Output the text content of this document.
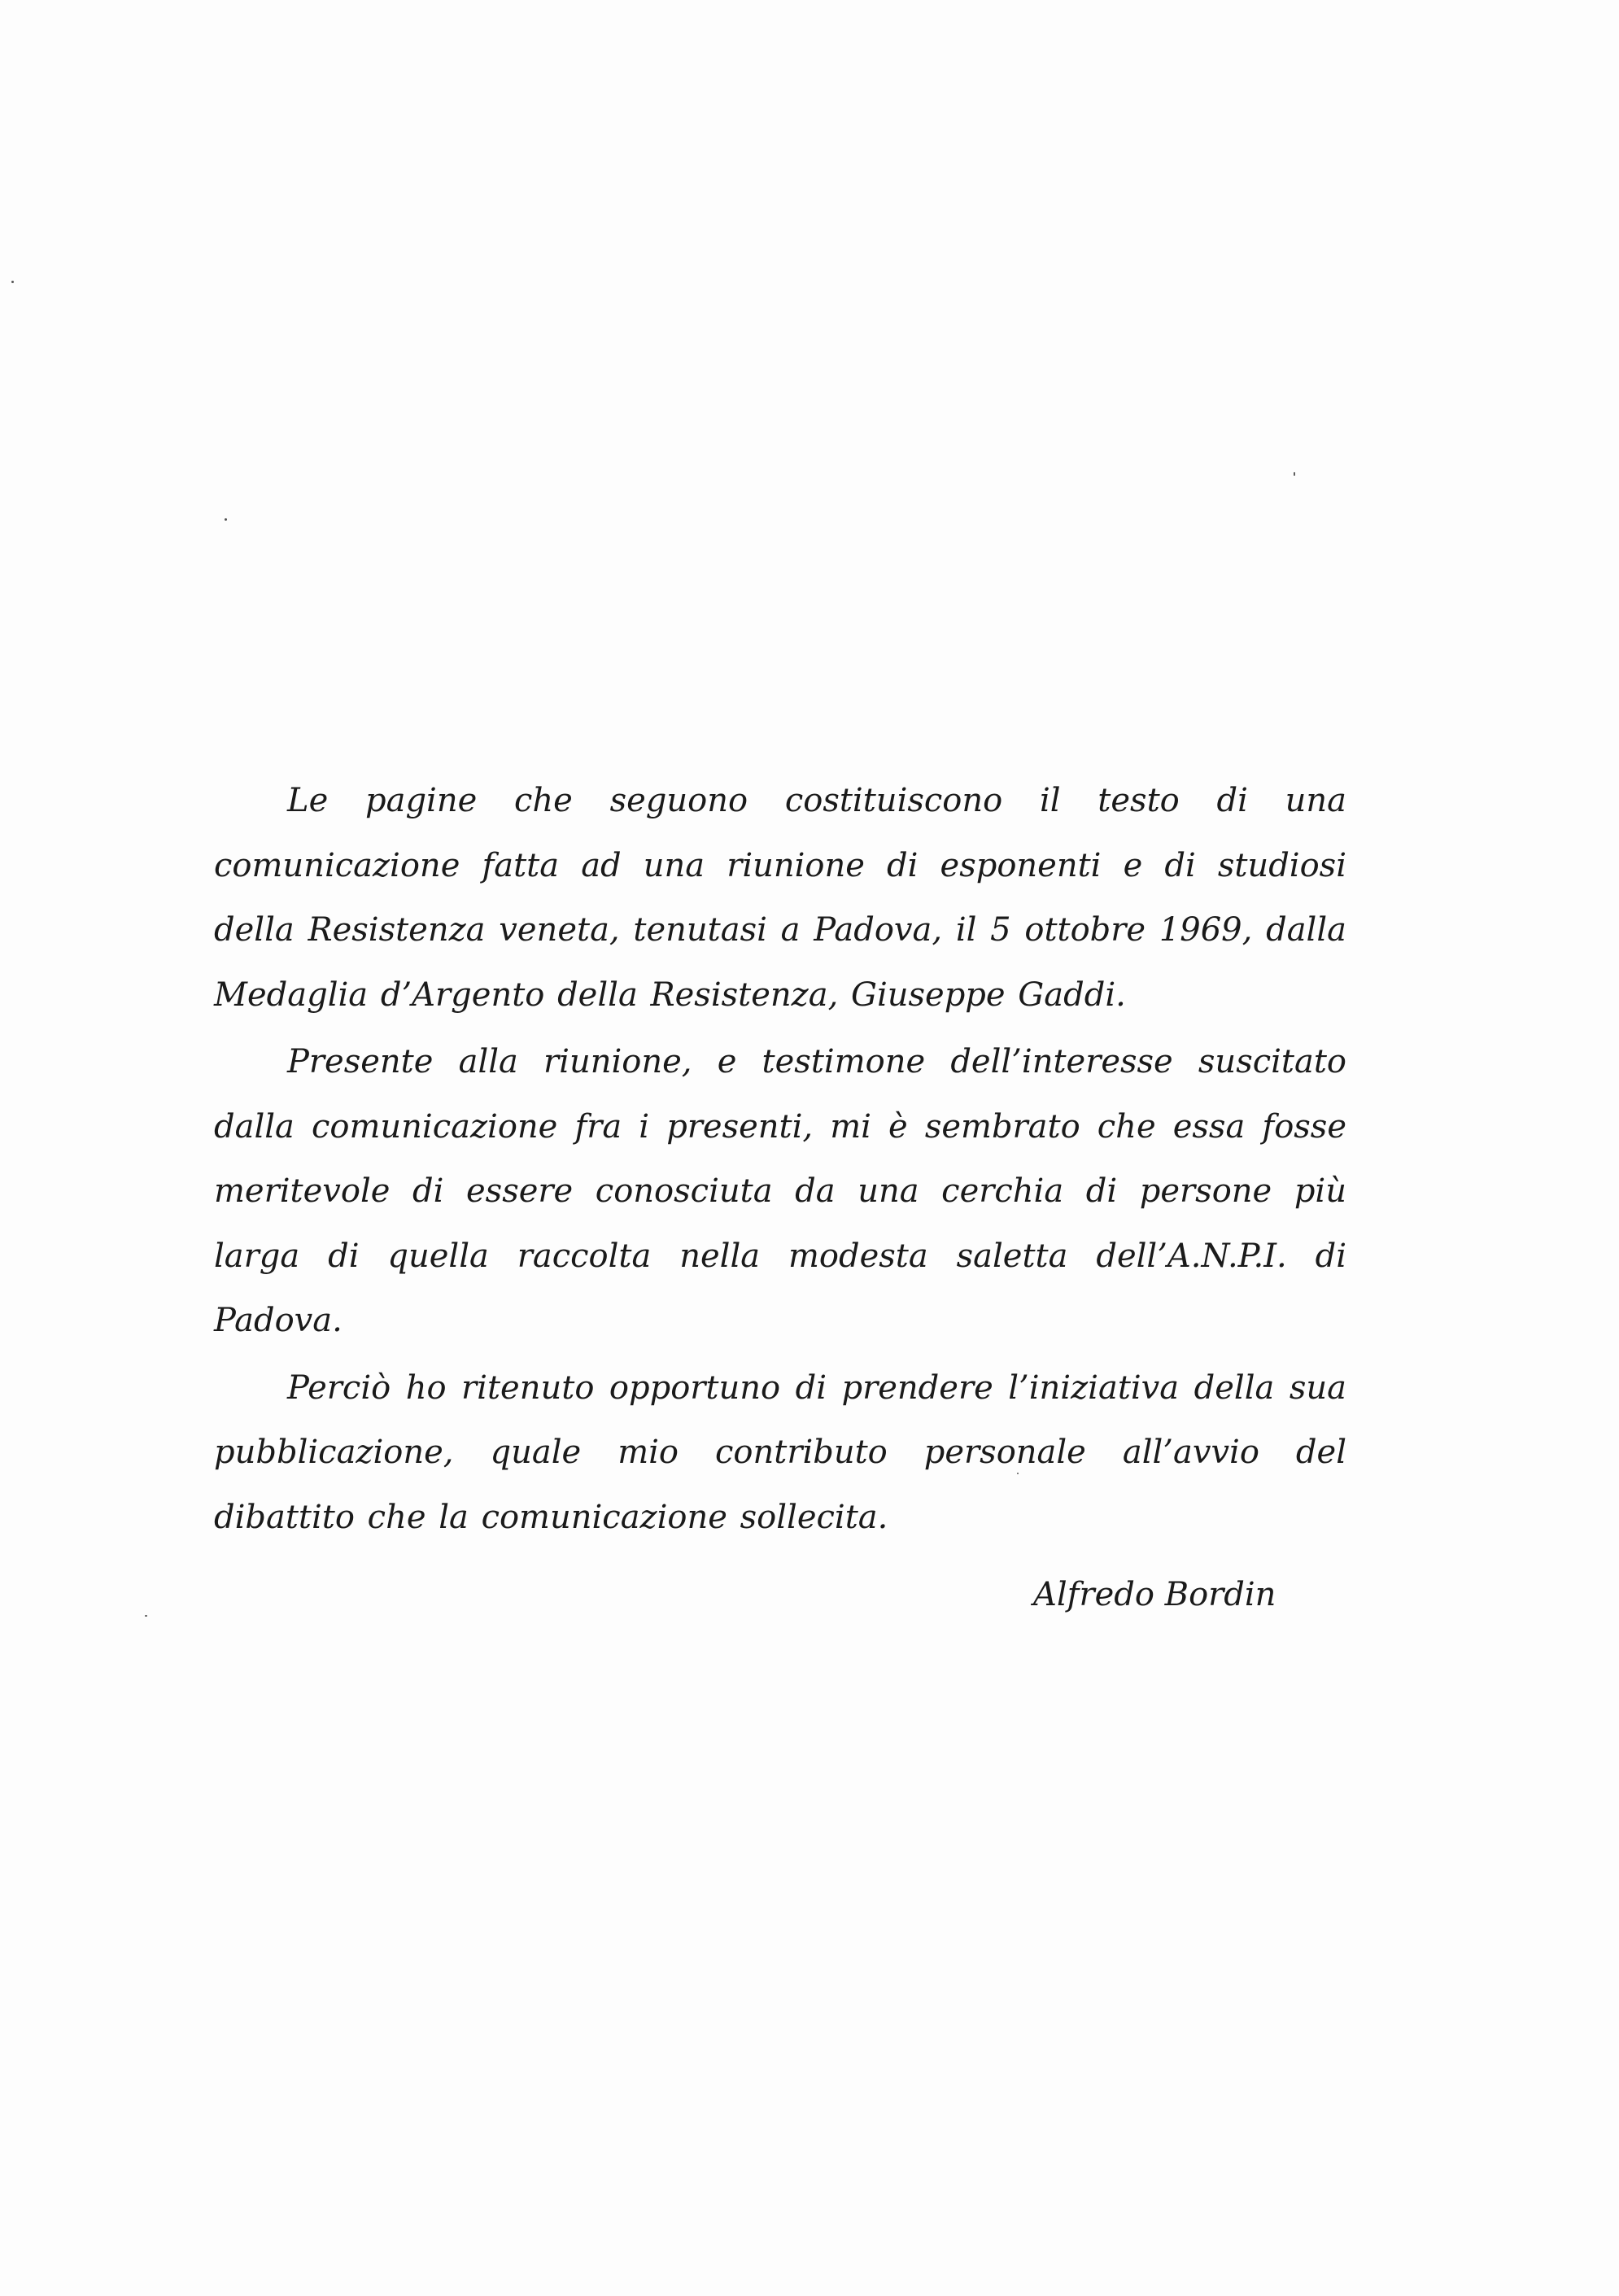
Le pagine che seguono costituiscono il testo di una comunicazione fatta ad una riunione di esponenti e di studiosi della Resistenza veneta, tenutasi a Padova, il 5 ottobre 1969, dalla Medaglia d’Argento della Resistenza, Giuseppe Gaddi.

Presente alla riunione, e testimone dell’interesse suscitato dalla comunicazione fra i presenti, mi è sembrato che essa fosse meritevole di essere conosciuta da una cerchia di persone più larga di quella raccolta nella modesta saletta dell’A.N.P.I. di Padova.

Perciò ho ritenuto opportuno di prendere l’iniziativa della sua pubblicazione, quale mio contributo personale all’avvio del dibattito che la comunicazione sollecita.

Alfredo Bordin
